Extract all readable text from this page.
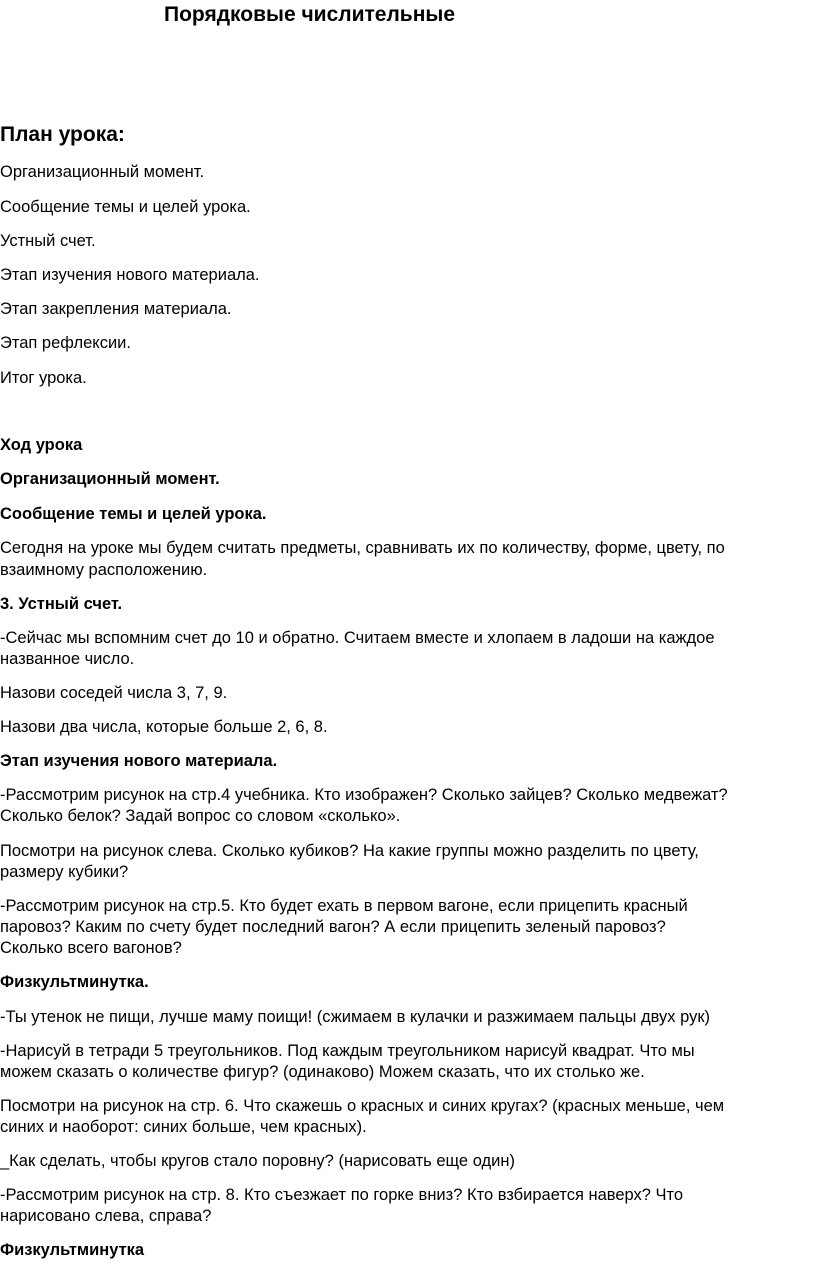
Порядковые числительные
План урока:

Организационный момент.

Сообщение темы и целей урока.

Устный счет.

Этап изучения нового материала.

Этап закрепления материала.

Этап рефлексии.

Итог урока.

Ход урока

Организационный момент.

Сообщение темы и целей урока.

Сегодня на уроке мы будем считать предметы, сравнивать их по количеству, форме, цвету, по

взаимному расположению.

3. Устный счет.

-Сейчас мы вспомним счет до 10 и обратно. Считаем вместе и хлопаем в ладоши на каждое

названное число.

Назови соседей числа 3, 7, 9.

Назови два числа, которые больше 2, 6, 8.

Этап изучения нового материала.

-Рассмотрим рисунок на стр.4 учебника. Кто изображен? Сколько зайцев? Сколько медвежат?

Сколько белок? Задай вопрос со словом «сколько».

Посмотри на рисунок слева. Сколько кубиков? На какие группы можно разделить по цвету,

размеру кубики?

-Рассмотрим рисунок на стр.5. Кто будет ехать в первом вагоне, если прицепить красный

паровоз? Каким по счету будет последний вагон? А если прицепить зеленый паровоз?

Сколько всего вагонов?

Физкультминутка.

-Ты утенок не пищи, лучше маму поищи! (сжимаем в кулачки и разжимаем пальцы двух рук)

-Нарисуй в тетради 5 треугольников. Под каждым треугольником нарисуй квадрат. Что мы

можем сказать о количестве фигур? (одинаково) Можем сказать, что их столько же.

Посмотри на рисунок на стр. 6. Что скажешь о красных и синих кругах? (красных меньше, чем

синих и наоборот: синих больше, чем красных).

_Как сделать, чтобы кругов стало поровну? (нарисовать еще один)

-Рассмотрим рисунок на стр. 8. Кто съезжает по горке вниз? Кто взбирается наверх? Что

нарисовано слева, справа?

Физкультминутка
